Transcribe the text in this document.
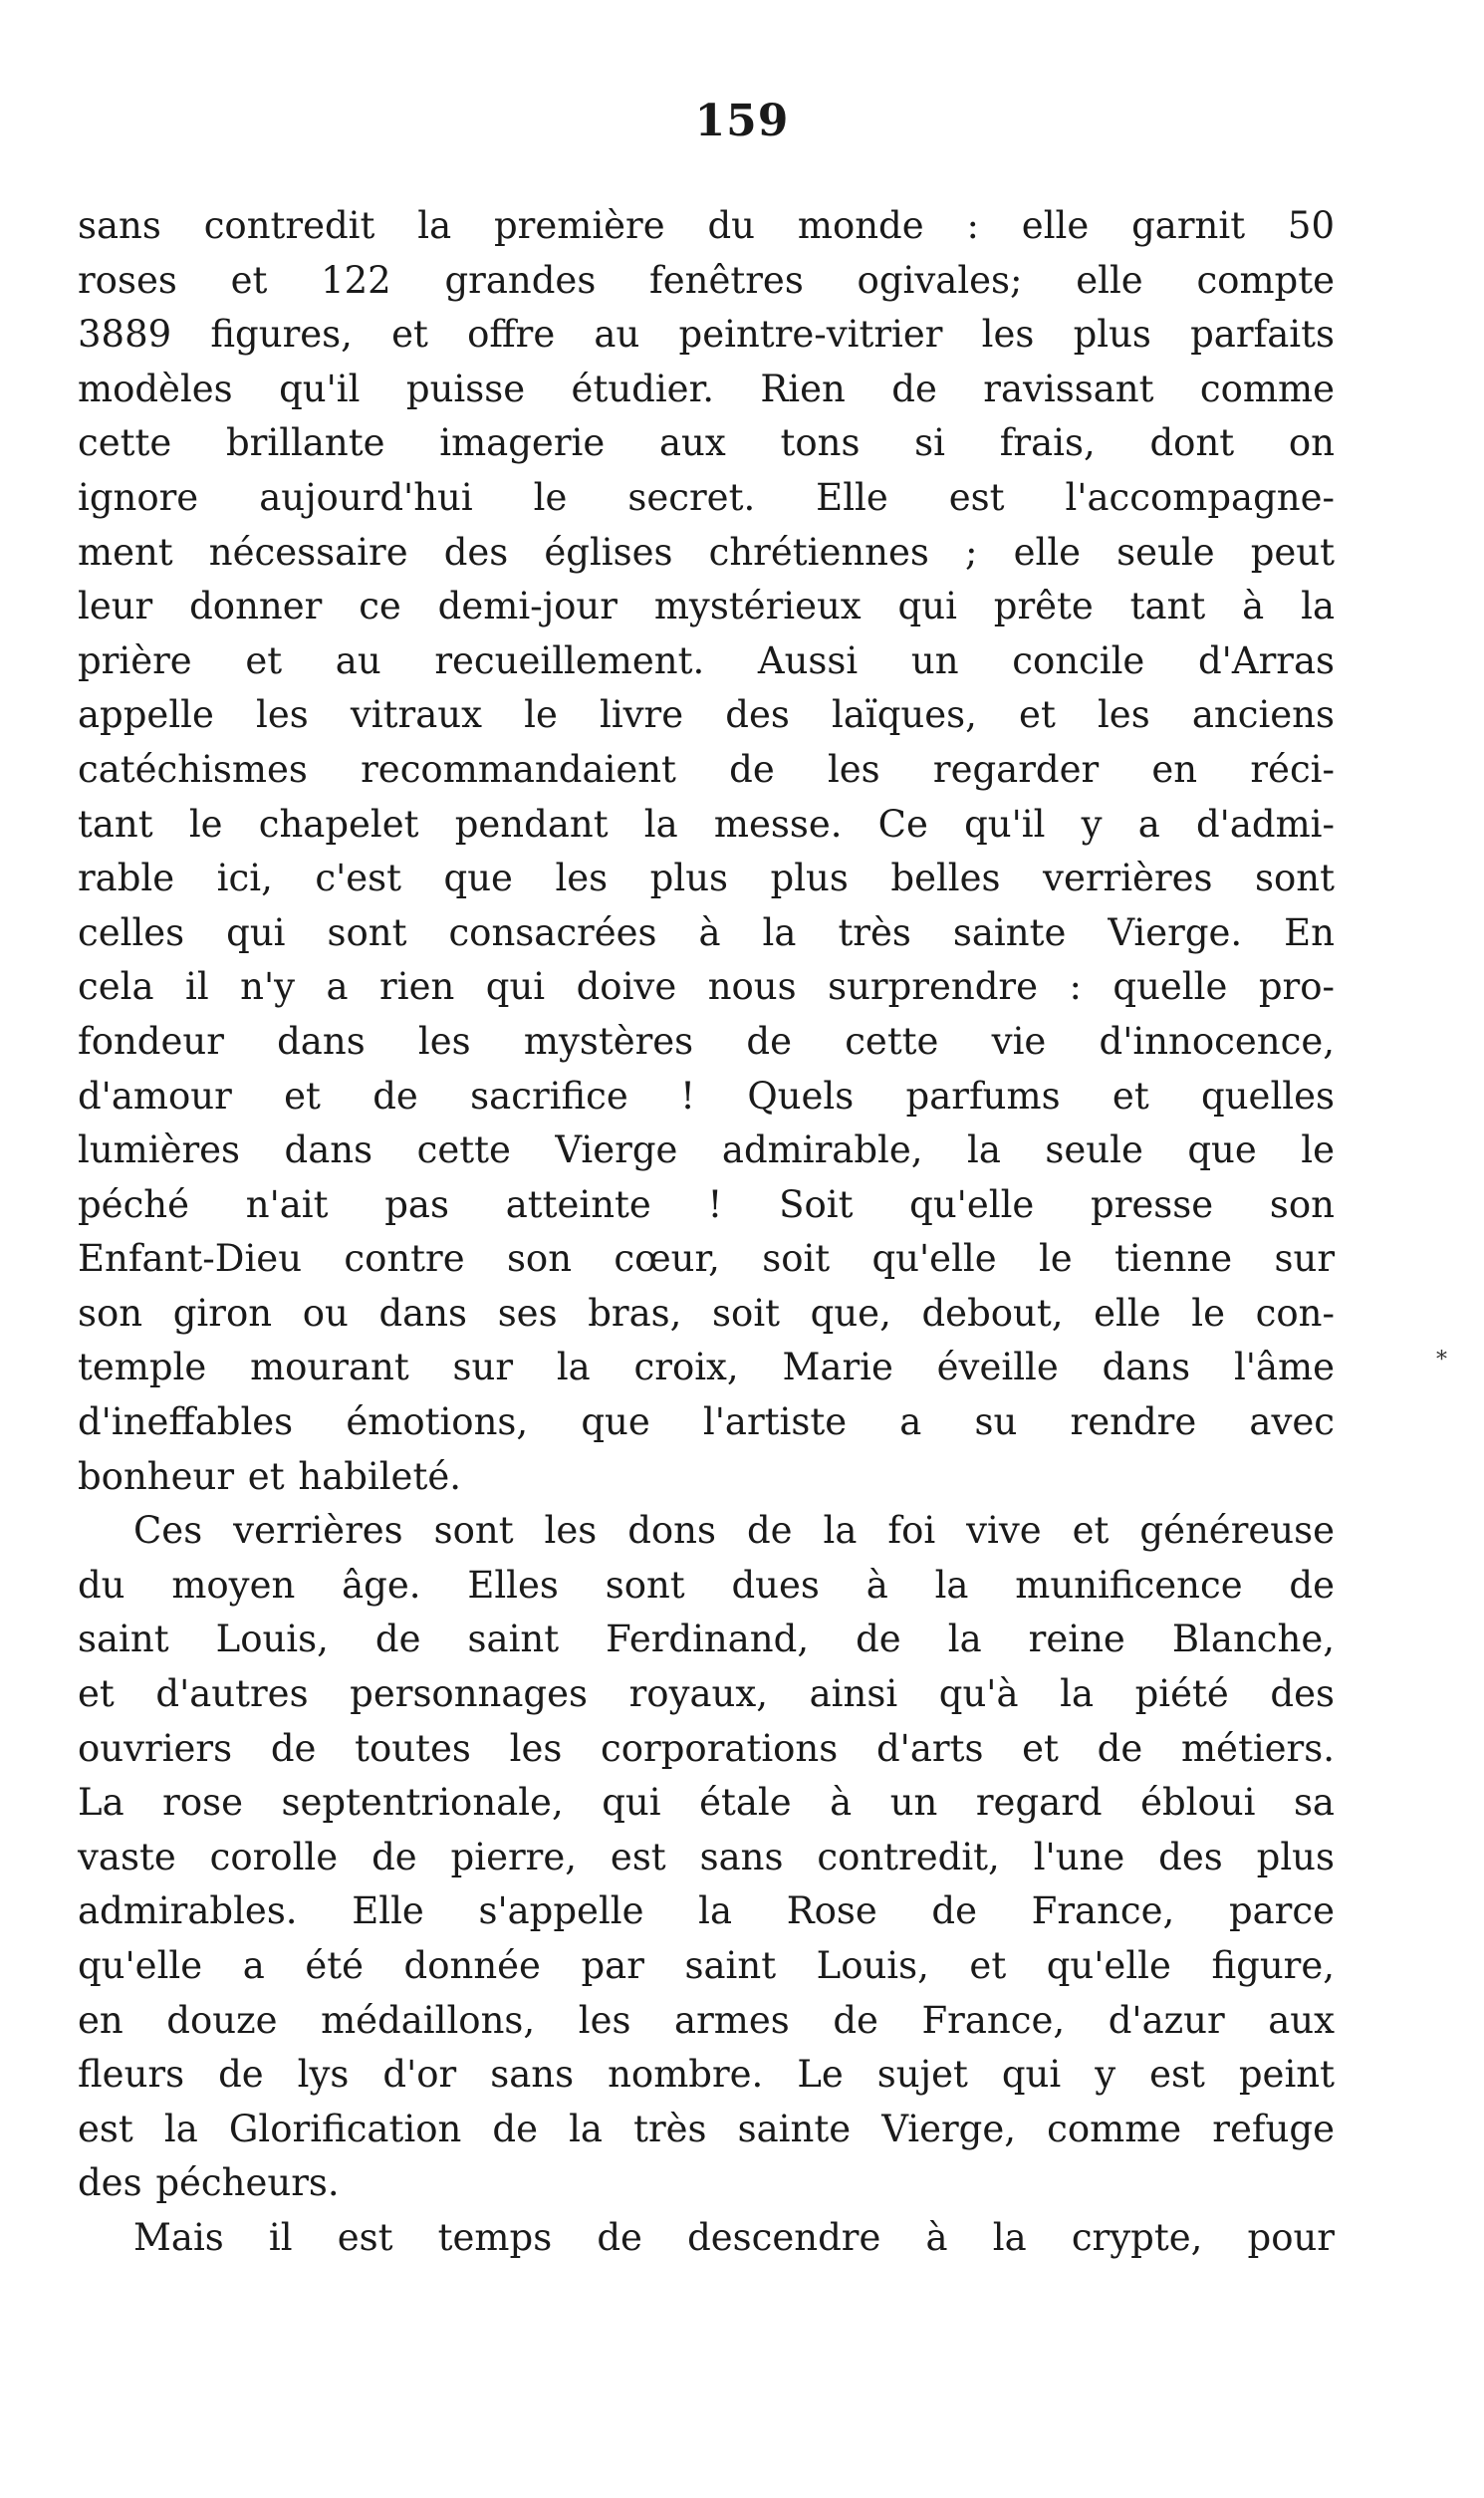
159
sans contredit la première du monde : elle garnit 50
roses et 122 grandes fenêtres ogivales; elle compte
3889 figures, et offre au peintre-vitrier les plus parfaits
modèles qu'il puisse étudier. Rien de ravissant comme
cette brillante imagerie aux tons si frais, dont on
ignore aujourd'hui le secret. Elle est l'accompagne-
ment nécessaire des églises chrétiennes ; elle seule peut
leur donner ce demi-jour mystérieux qui prête tant à la
prière et au recueillement. Aussi un concile d'Arras
appelle les vitraux le livre des laïques, et les anciens
catéchismes recommandaient de les regarder en réci-
tant le chapelet pendant la messe. Ce qu'il y a d'admi-
rable ici, c'est que les plus plus belles verrières sont
celles qui sont consacrées à la très sainte Vierge. En
cela il n'y a rien qui doive nous surprendre : quelle pro-
fondeur dans les mystères de cette vie d'innocence,
d'amour et de sacrifice ! Quels parfums et quelles
lumières dans cette Vierge admirable, la seule que le
péché n'ait pas atteinte ! Soit qu'elle presse son
Enfant-Dieu contre son cœur, soit qu'elle le tienne sur
son giron ou dans ses bras, soit que, debout, elle le con-
temple mourant sur la croix, Marie éveille dans l'âme
d'ineffables émotions, que l'artiste a su rendre avec
bonheur et habileté.
Ces verrières sont les dons de la foi vive et généreuse
du moyen âge. Elles sont dues à la munificence de
saint Louis, de saint Ferdinand, de la reine Blanche,
et d'autres personnages royaux, ainsi qu'à la piété des
ouvriers de toutes les corporations d'arts et de métiers.
La rose septentrionale, qui étale à un regard ébloui sa
vaste corolle de pierre, est sans contredit, l'une des plus
admirables. Elle s'appelle la Rose de France, parce
qu'elle a été donnée par saint Louis, et qu'elle figure,
en douze médaillons, les armes de France, d'azur aux
fleurs de lys d'or sans nombre. Le sujet qui y est peint
est la Glorification de la très sainte Vierge, comme refuge
des pécheurs.
Mais il est temps de descendre à la crypte, pour
*
